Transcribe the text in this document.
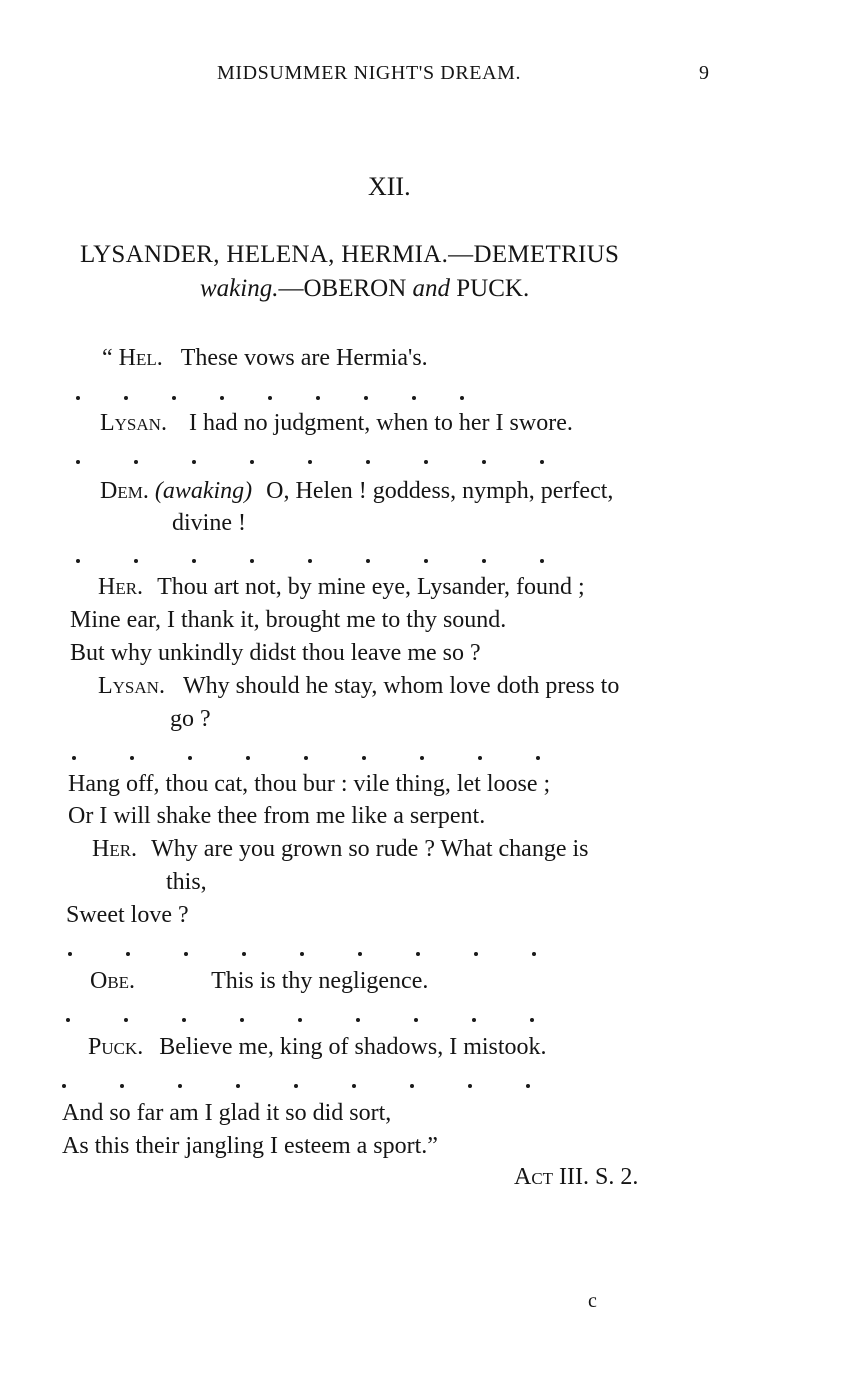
MIDSUMMER NIGHT'S DREAM.	9
XII.
LYSANDER, HELENA, HERMIA.—DEMETRIUS
waking.—OBERON and PUCK.
“ Hel. These vows are Hermia's.
Lysan. I had no judgment, when to her I swore.
Dem. (awaking) O, Helen ! goddess, nymph, perfect,
divine !
Her. Thou art not, by mine eye, Lysander, found ;
Mine ear, I thank it, brought me to thy sound.
But why unkindly didst thou leave me so ?
Lysan. Why should he stay, whom love doth press to
go ?
Hang off, thou cat, thou bur : vile thing, let loose ;
Or I will shake thee from me like a serpent.
Her. Why are you grown so rude ? What change is
this,
Sweet love ?
Obe.	This is thy negligence.
Puck. Believe me, king of shadows, I mistook.
And so far am I glad it so did sort,
As this their jangling I esteem a sport.”
Act III. S. 2.
c
